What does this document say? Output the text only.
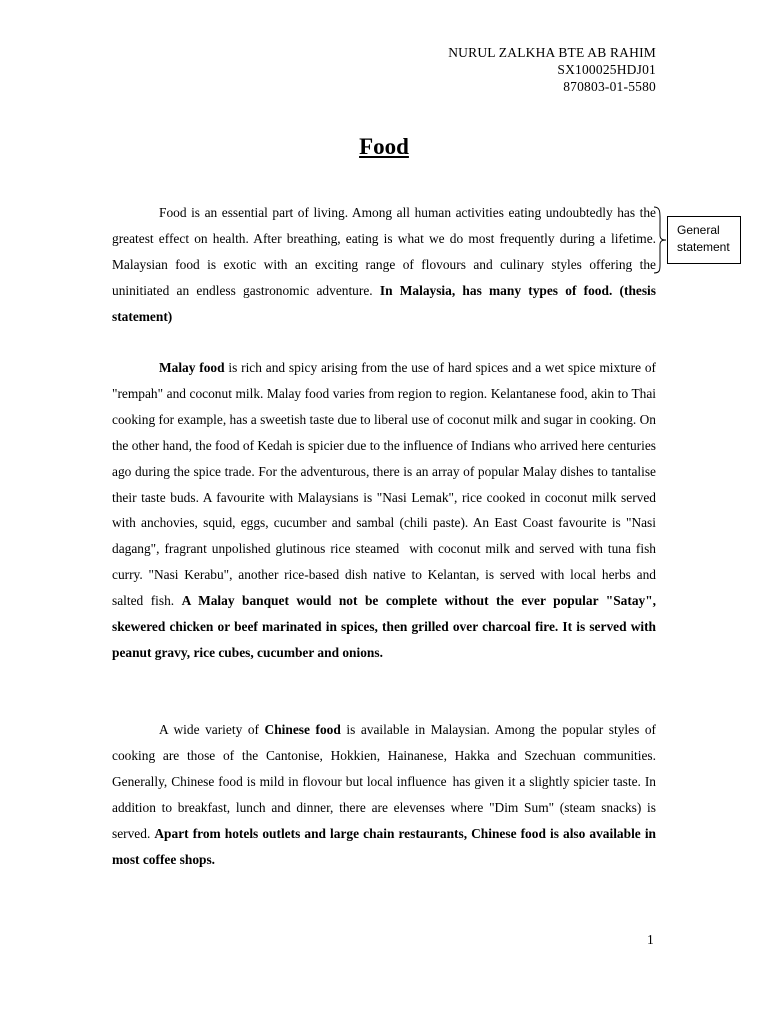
NURUL ZALKHA BTE AB RAHIM
SX100025HDJ01
870803-01-5580
Food

Food is an essential part of living. Among all human activities eating undoubtedly has the greatest effect on health. After breathing, eating is what we do most frequently during a lifetime. Malaysian food is exotic with an exciting range of flovours and culinary styles offering the uninitiated an endless gastronomic adventure. In Malaysia, has many types of food. (thesis statement)

General
statement

Malay food is rich and spicy arising from the use of hard spices and a wet spice mixture of "rempah" and coconut milk. Malay food varies from region to region. Kelantanese food, akin to Thai cooking for example, has a sweetish taste due to liberal use of coconut milk and sugar in cooking. On the other hand, the food of Kedah is spicier due to the influence of Indians who arrived here centuries ago during the spice trade. For the adventurous, there is an array of popular Malay dishes to tantalise their taste buds. A favourite with Malaysians is "Nasi Lemak", rice cooked in coconut milk served with anchovies, squid, eggs, cucumber and sambal (chili paste). An East Coast favourite is "Nasi dagang", fragrant unpolished glutinous rice steamed with coconut milk and served with tuna fish curry. "Nasi Kerabu", another rice-based dish native to Kelantan, is served with local herbs and salted fish. A Malay banquet would not be complete without the ever popular "Satay", skewered chicken or beef marinated in spices, then grilled over charcoal fire. It is served with peanut gravy, rice cubes, cucumber and onions.

A wide variety of Chinese food is available in Malaysian. Among the popular styles of cooking are those of the Cantonise, Hokkien, Hainanese, Hakka and Szechuan communities. Generally, Chinese food is mild in flovour but local influence has given it a slightly spicier taste. In addition to breakfast, lunch and dinner, there are elevenses where "Dim Sum" (steam snacks) is served. Apart from hotels outlets and large chain restaurants, Chinese food is also available in most coffee shops.

1
